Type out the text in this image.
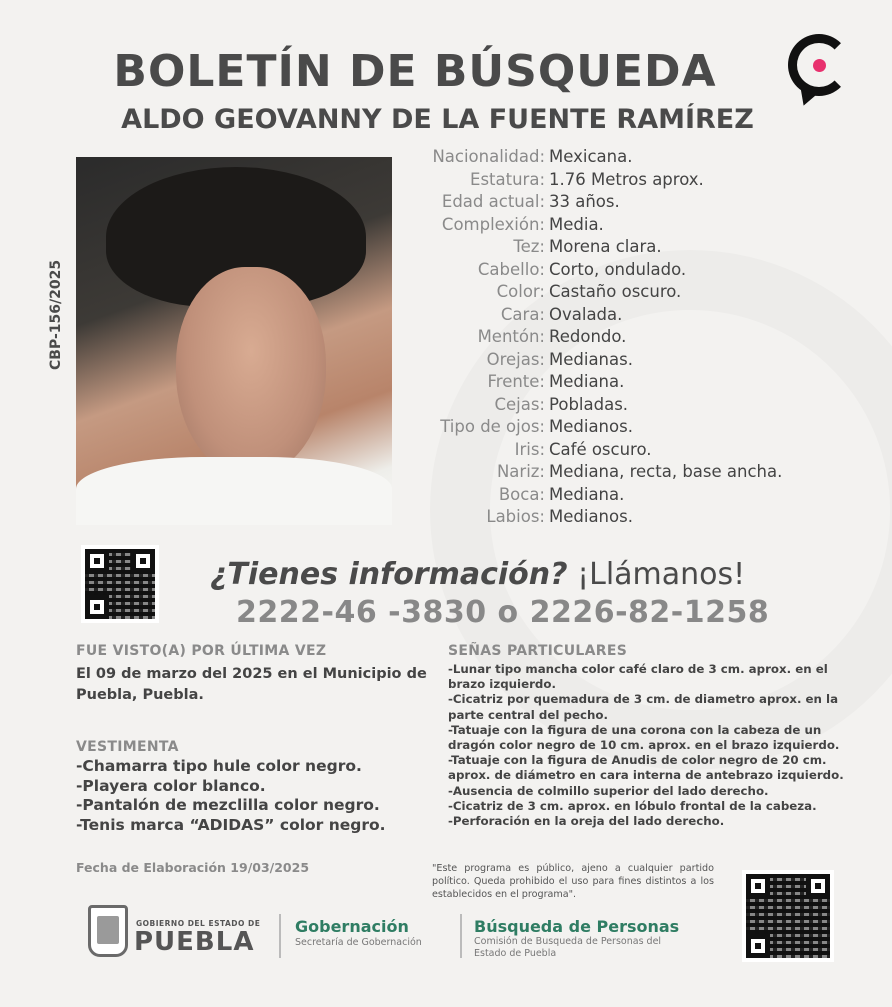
BOLETÍN DE BÚSQUEDA
ALDO GEOVANNY DE LA FUENTE RAMÍREZ
CBP-156/2025
Nacionalidad: Mexicana.
Estatura: 1.76 Metros aprox.
Edad actual: 33 años.
Complexión: Media.
Tez: Morena clara.
Cabello: Corto, ondulado.
Color: Castaño oscuro.
Cara: Ovalada.
Mentón: Redondo.
Orejas: Medianas.
Frente: Mediana.
Cejas: Pobladas.
Tipo de ojos: Medianos.
Iris: Café oscuro.
Nariz: Mediana, recta, base ancha.
Boca: Mediana.
Labios: Medianos.
¿Tienes información? ¡Llámanos!
2222-46 -3830 o 2226-82-1258
FUE VISTO(A) POR ÚLTIMA VEZ
El 09 de marzo del 2025 en el Municipio de Puebla, Puebla.
VESTIMENTA
-Chamarra tipo hule color negro.
-Playera color blanco.
-Pantalón de mezclilla color negro.
-Tenis marca “ADIDAS” color negro.
SEÑAS PARTICULARES
-Lunar tipo mancha color café claro de 3 cm. aprox. en el brazo izquierdo.
-Cicatriz por quemadura de 3 cm. de diametro aprox. en la parte central del pecho.
-Tatuaje con la figura de una corona con la cabeza de un dragón color negro de 10 cm. aprox. en el brazo izquierdo.
-Tatuaje con la figura de Anudis de color negro de 20 cm. aprox. de diámetro en cara interna de antebrazo izquierdo.
-Ausencia de colmillo superior del lado derecho.
-Cicatriz de 3 cm. aprox. en lóbulo frontal de la cabeza.
-Perforación en la oreja del lado derecho.
Fecha de Elaboración 19/03/2025	"Este programa es público, ajeno a cualquier partido político. Queda prohibido el uso para fines distintos a los establecidos en el programa".
GOBIERNO DEL ESTADO DE
PUEBLA
Gobernación
Secretaría de Gobernación
Búsqueda de Personas
Comisión de Busqueda de Personas del Estado de Puebla
